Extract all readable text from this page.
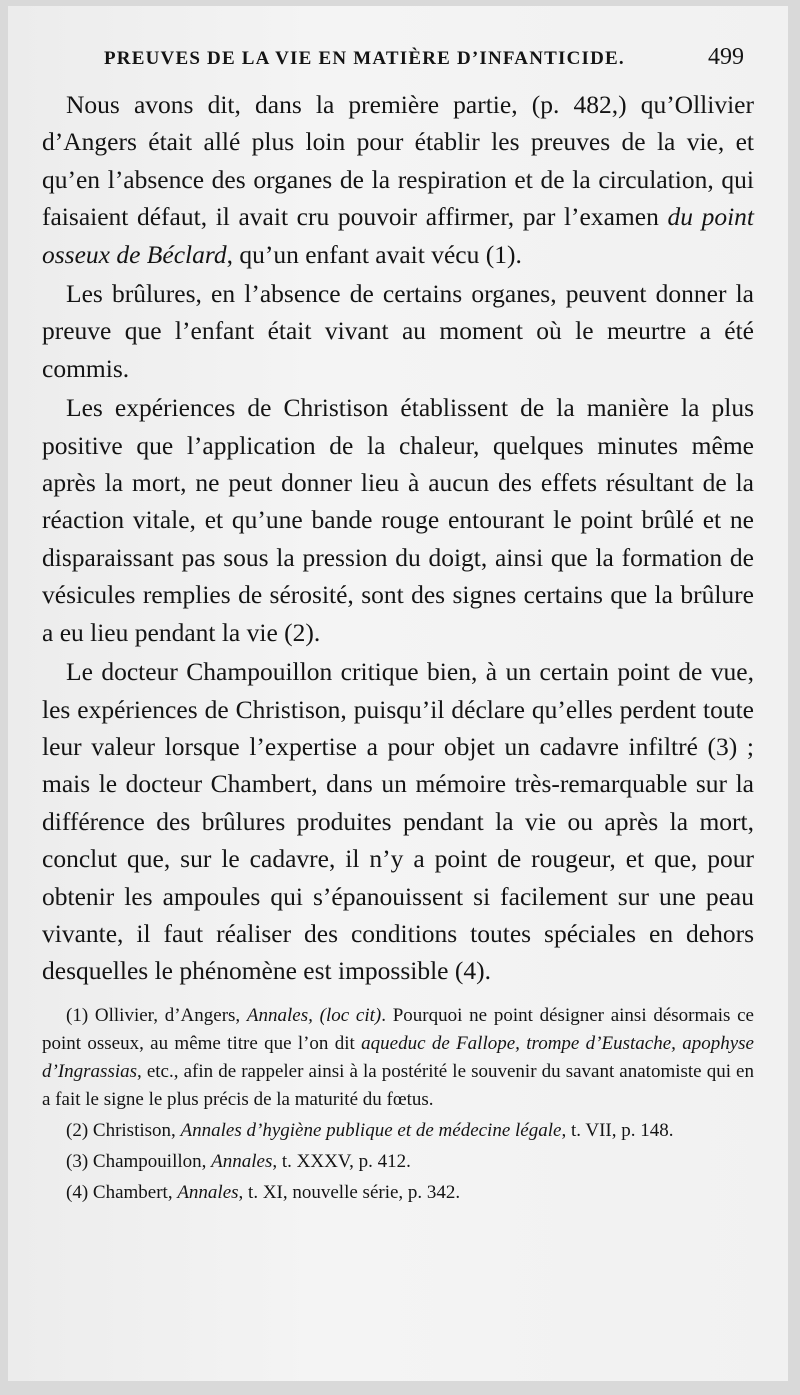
PREUVES DE LA VIE EN MATIÈRE D’INFANTICIDE.	499

Nous avons dit, dans la première partie, (p. 482,) qu’Ollivier d’Angers était allé plus loin pour établir les preuves de la vie, et qu’en l’absence des organes de la respiration et de la circulation, qui faisaient défaut, il avait cru pouvoir affirmer, par l’examen du point osseux de Béclard, qu’un enfant avait vécu (1).

Les brûlures, en l’absence de certains organes, peuvent donner la preuve que l’enfant était vivant au moment où le meurtre a été commis.

Les expériences de Christison établissent de la manière la plus positive que l’application de la chaleur, quelques minutes même après la mort, ne peut donner lieu à aucun des effets résultant de la réaction vitale, et qu’une bande rouge entourant le point brûlé et ne disparaissant pas sous la pression du doigt, ainsi que la formation de vésicules remplies de sérosité, sont des signes certains que la brûlure a eu lieu pendant la vie (2).

Le docteur Champouillon critique bien, à un certain point de vue, les expériences de Christison, puisqu’il déclare qu’elles perdent toute leur valeur lorsque l’expertise a pour objet un cadavre infiltré (3) ; mais le docteur Chambert, dans un mémoire très-remarquable sur la différence des brûlures produites pendant la vie ou après la mort, conclut que, sur le cadavre, il n’y a point de rougeur, et que, pour obtenir les ampoules qui s’épanouissent si facilement sur une peau vivante, il faut réaliser des conditions toutes spéciales en dehors desquelles le phénomène est impossible (4).

(1) Ollivier, d’Angers, Annales, (loc cit). Pourquoi ne point désigner ainsi désormais ce point osseux, au même titre que l’on dit aqueduc de Fallope, trompe d’Eustache, apophyse d’Ingrassias, etc., afin de rappeler ainsi à la postérité le souvenir du savant anatomiste qui en a fait le signe le plus précis de la maturité du fœtus.

(2) Christison, Annales d’hygiène publique et de médecine légale, t. VII, p. 148.

(3) Champouillon, Annales, t. XXXV, p. 412.

(4) Chambert, Annales, t. XI, nouvelle série, p. 342.
